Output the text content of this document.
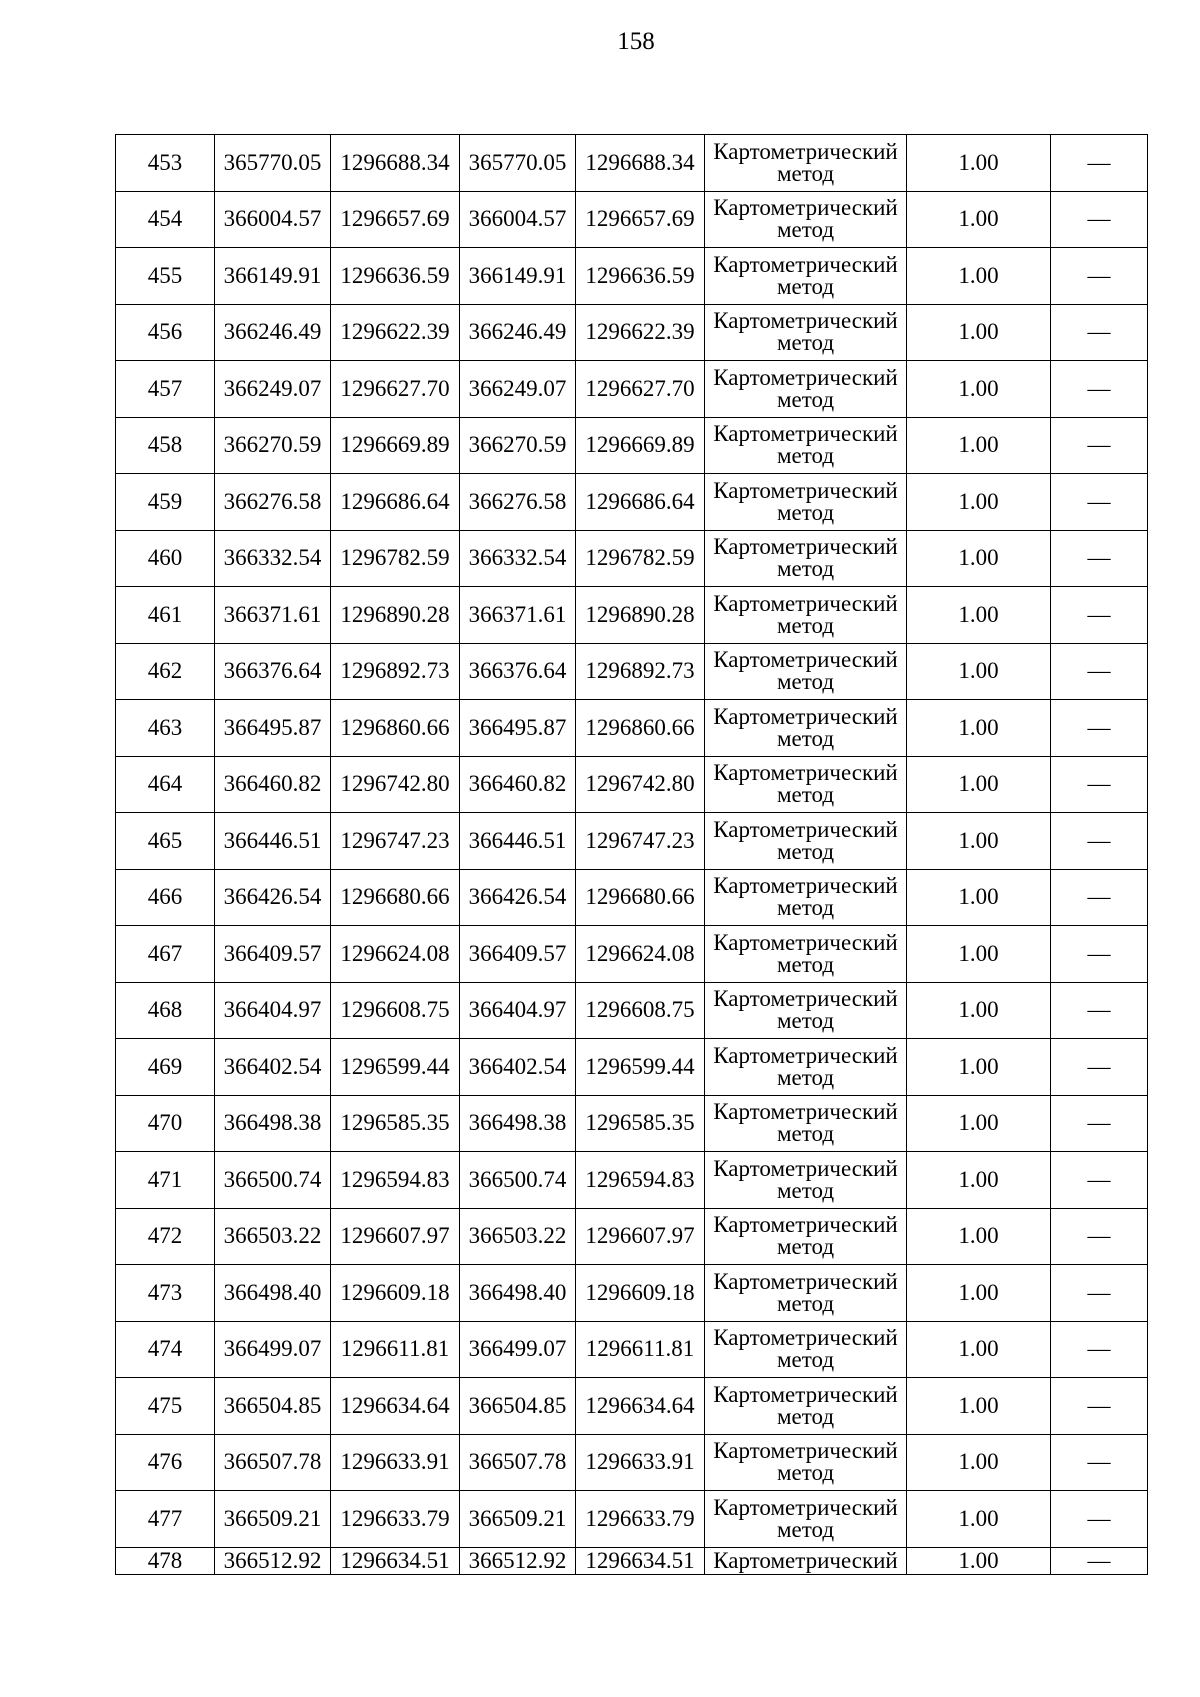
158
453	365770.05	1296688.34	365770.05	1296688.34	Картометрический
метод	1.00	—
454	366004.57	1296657.69	366004.57	1296657.69	Картометрический
метод	1.00	—
455	366149.91	1296636.59	366149.91	1296636.59	Картометрический
метод	1.00	—
456	366246.49	1296622.39	366246.49	1296622.39	Картометрический
метод	1.00	—
457	366249.07	1296627.70	366249.07	1296627.70	Картометрический
метод	1.00	—
458	366270.59	1296669.89	366270.59	1296669.89	Картометрический
метод	1.00	—
459	366276.58	1296686.64	366276.58	1296686.64	Картометрический
метод	1.00	—
460	366332.54	1296782.59	366332.54	1296782.59	Картометрический
метод	1.00	—
461	366371.61	1296890.28	366371.61	1296890.28	Картометрический
метод	1.00	—
462	366376.64	1296892.73	366376.64	1296892.73	Картометрический
метод	1.00	—
463	366495.87	1296860.66	366495.87	1296860.66	Картометрический
метод	1.00	—
464	366460.82	1296742.80	366460.82	1296742.80	Картометрический
метод	1.00	—
465	366446.51	1296747.23	366446.51	1296747.23	Картометрический
метод	1.00	—
466	366426.54	1296680.66	366426.54	1296680.66	Картометрический
метод	1.00	—
467	366409.57	1296624.08	366409.57	1296624.08	Картометрический
метод	1.00	—
468	366404.97	1296608.75	366404.97	1296608.75	Картометрический
метод	1.00	—
469	366402.54	1296599.44	366402.54	1296599.44	Картометрический
метод	1.00	—
470	366498.38	1296585.35	366498.38	1296585.35	Картометрический
метод	1.00	—
471	366500.74	1296594.83	366500.74	1296594.83	Картометрический
метод	1.00	—
472	366503.22	1296607.97	366503.22	1296607.97	Картометрический
метод	1.00	—
473	366498.40	1296609.18	366498.40	1296609.18	Картометрический
метод	1.00	—
474	366499.07	1296611.81	366499.07	1296611.81	Картометрический
метод	1.00	—
475	366504.85	1296634.64	366504.85	1296634.64	Картометрический
метод	1.00	—
476	366507.78	1296633.91	366507.78	1296633.91	Картометрический
метод	1.00	—
477	366509.21	1296633.79	366509.21	1296633.79	Картометрический
метод	1.00	—
478	366512.92	1296634.51	366512.92	1296634.51	Картометрический	1.00	—
